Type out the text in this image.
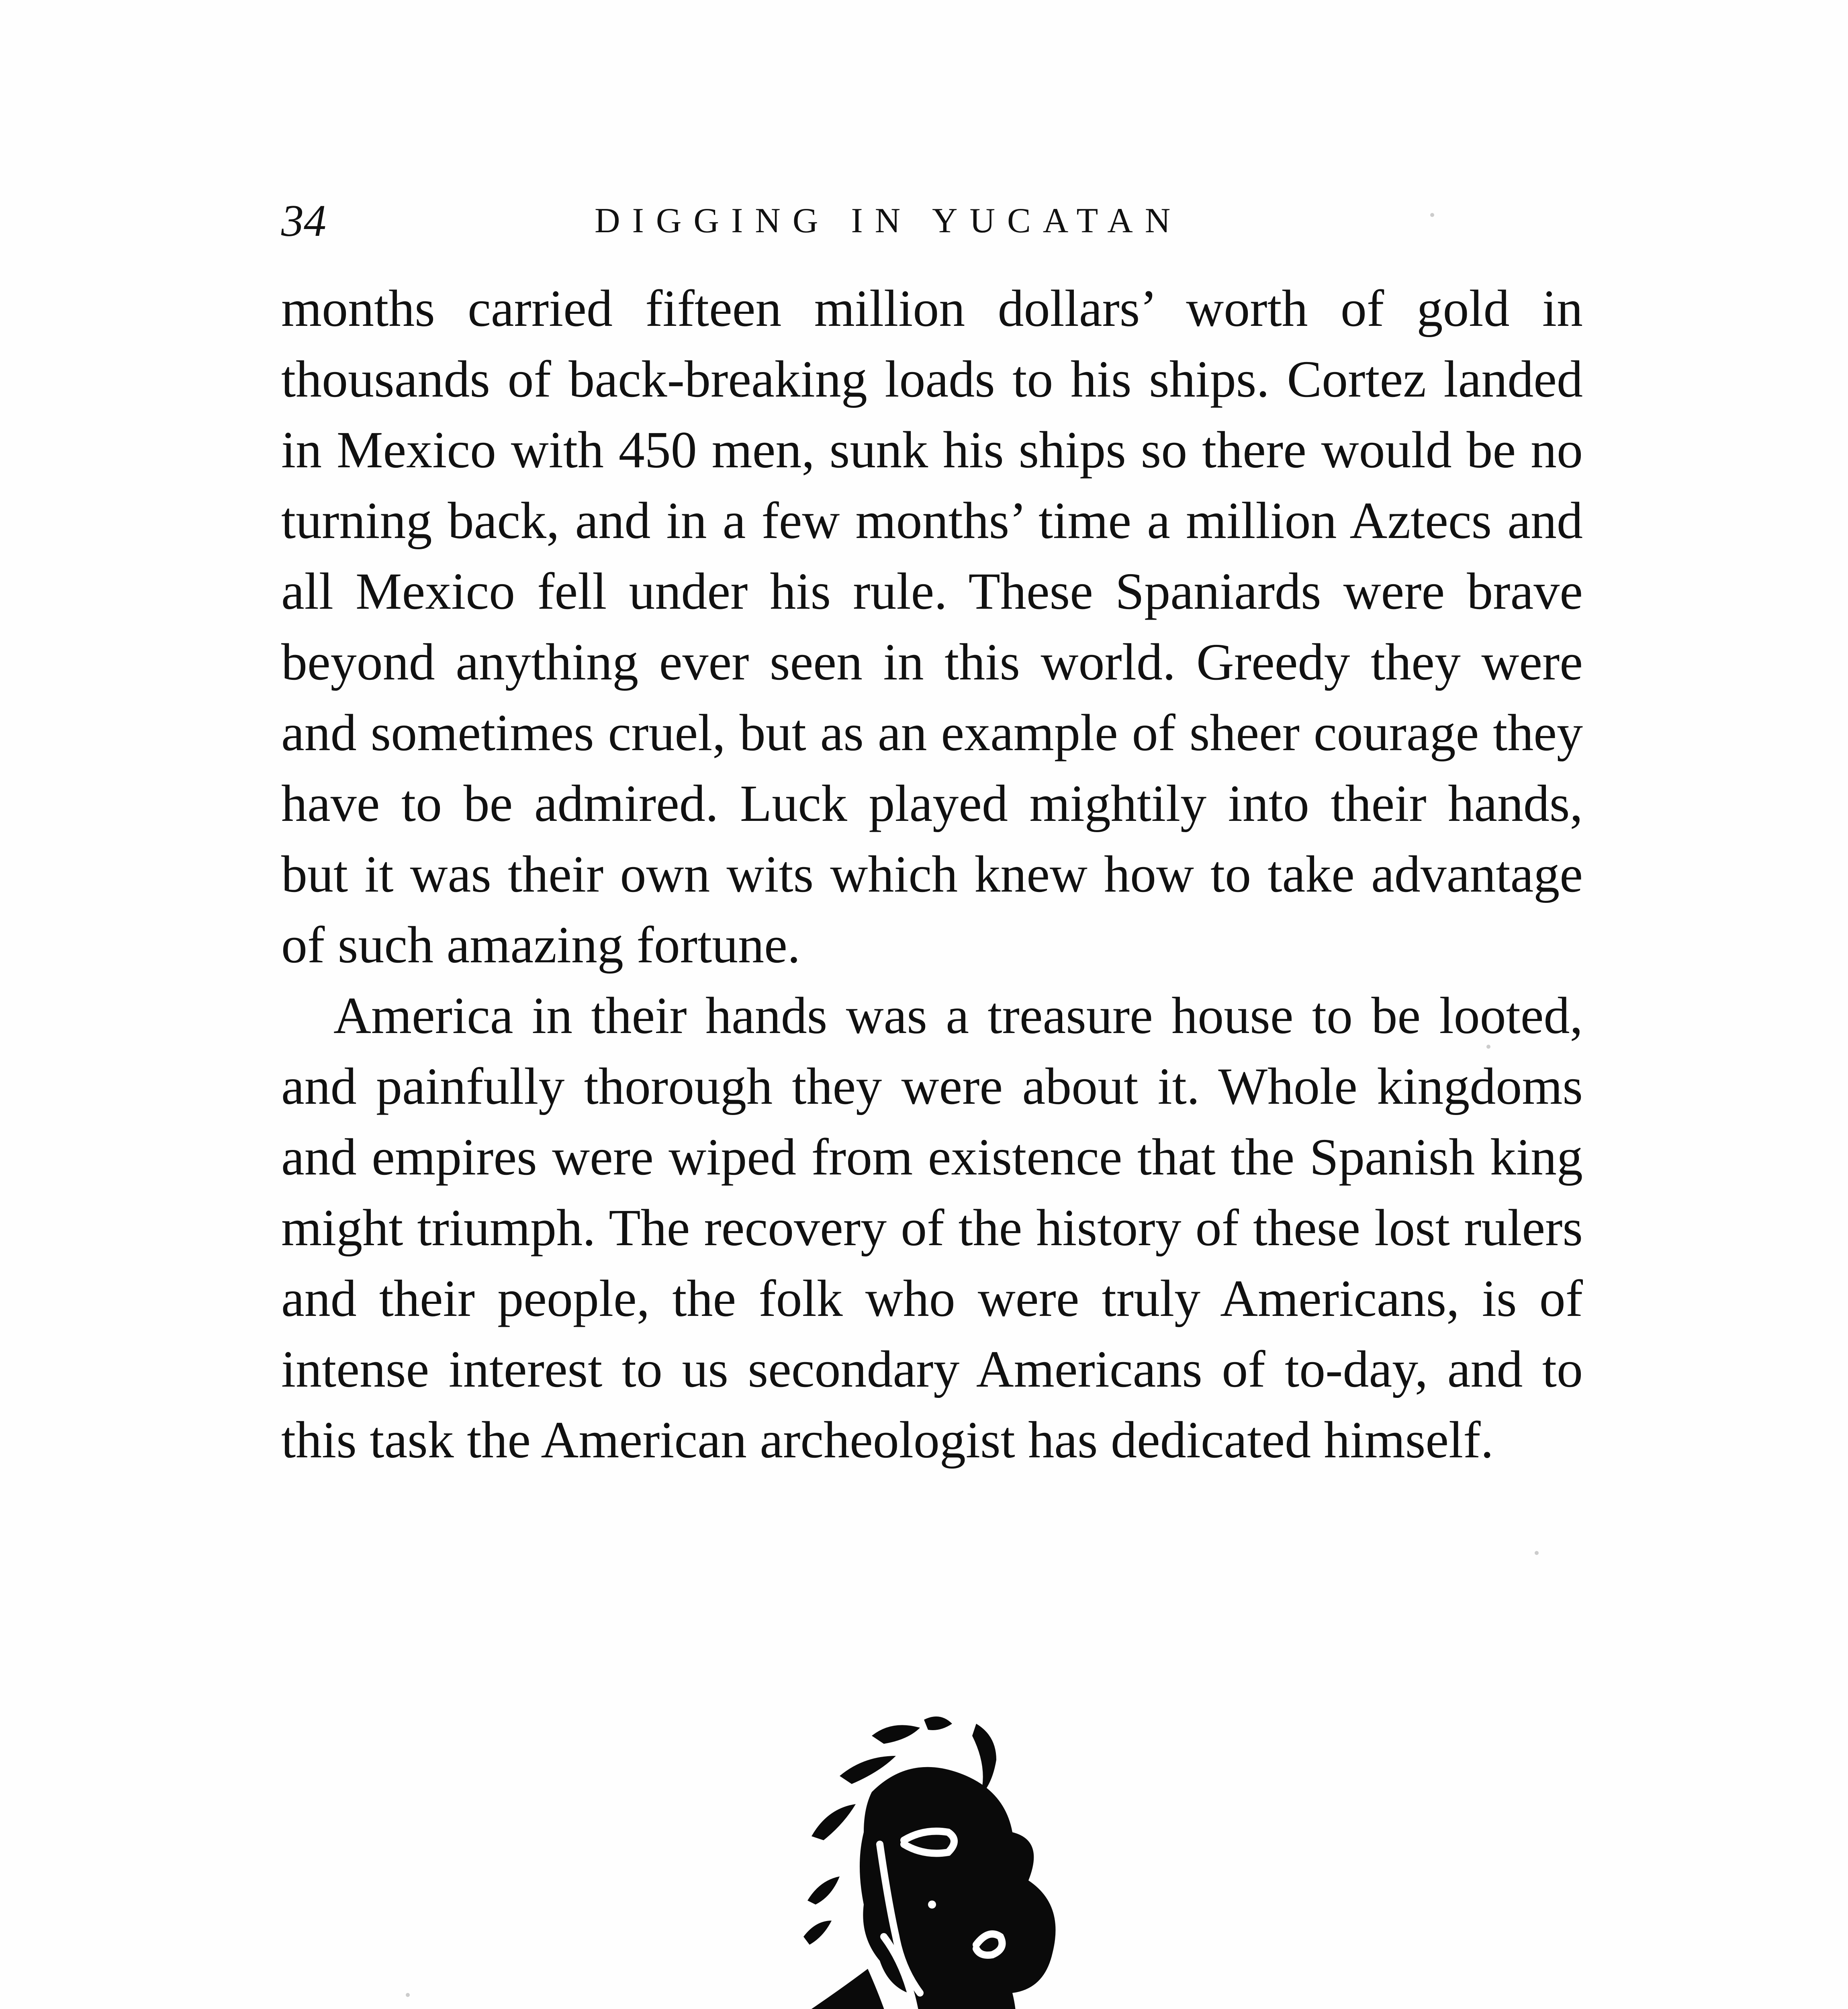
34	DIGGING IN YUCATAN

months carried fifteen million dollars’ worth of gold in thousands of back-breaking loads to his ships. Cortez landed in Mexico with 450 men, sunk his ships so there would be no turning back, and in a few months’ time a million Aztecs and all Mexico fell under his rule. These Spaniards were brave beyond anything ever seen in this world. Greedy they were and sometimes cruel, but as an example of sheer courage they have to be admired. Luck played mightily into their hands, but it was their own wits which knew how to take advantage of such amazing fortune.

America in their hands was a treasure house to be looted, and painfully thorough they were about it. Whole kingdoms and empires were wiped from existence that the Spanish king might triumph. The recovery of the history of these lost rulers and their people, the folk who were truly Americans, is of intense interest to us secondary Americans of to-day, and to this task the American archeologist has dedicated himself.
